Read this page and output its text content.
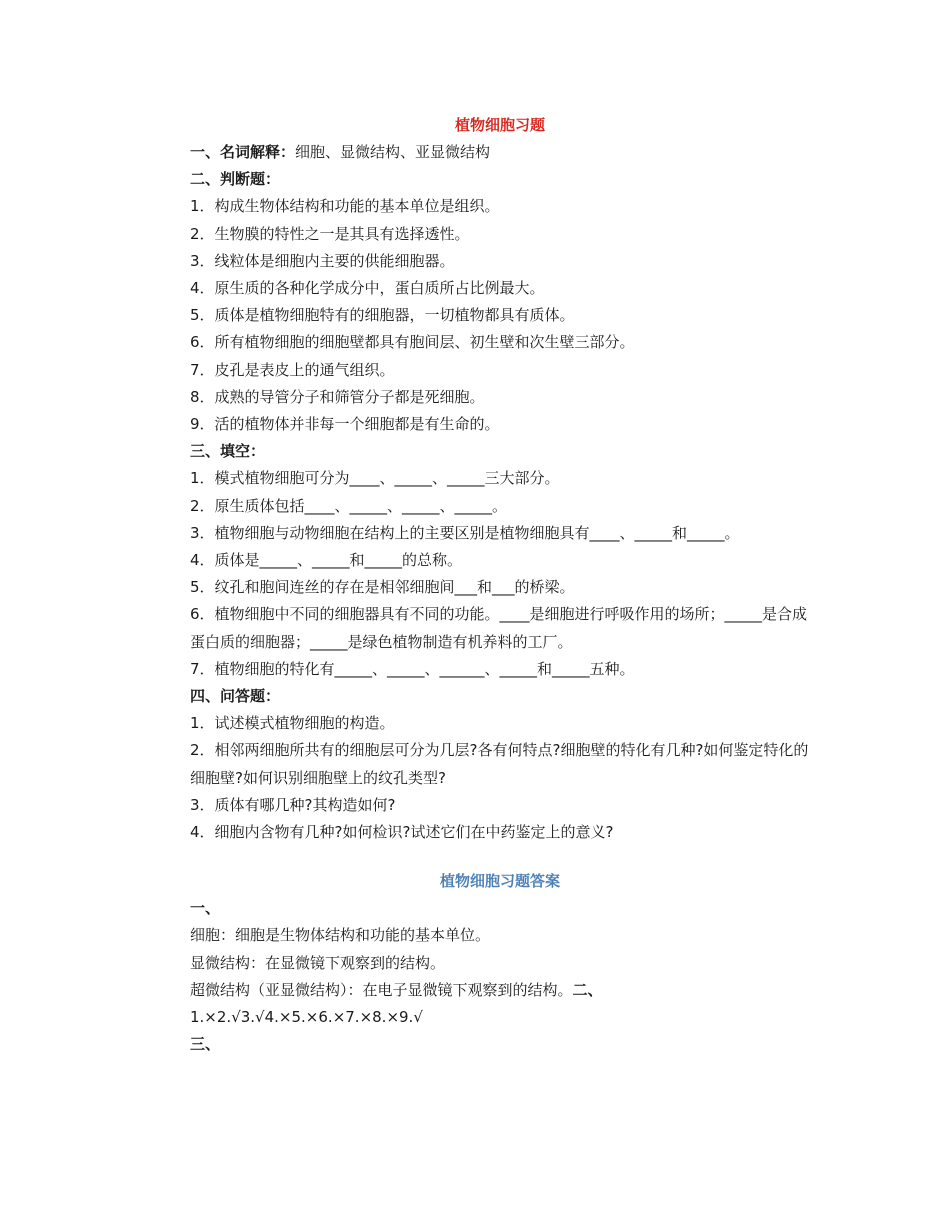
植物细胞习题
一、名词解释：细胞、显微结构、亚显微结构
二、判断题：
1．构成生物体结构和功能的基本单位是组织。
2．生物膜的特性之一是其具有选择透性。
3．线粒体是细胞内主要的供能细胞器。
4．原生质的各种化学成分中，蛋白质所占比例最大。
5．质体是植物细胞特有的细胞器，一切植物都具有质体。
6．所有植物细胞的细胞壁都具有胞间层、初生壁和次生壁三部分。
7．皮孔是表皮上的通气组织。
8．成熟的导管分子和筛管分子都是死细胞。
9．活的植物体并非每一个细胞都是有生命的。
三、填空：
1．模式植物细胞可分为____、_____、_____三大部分。
2．原生质体包括____、_____、_____、_____。
3．植物细胞与动物细胞在结构上的主要区别是植物细胞具有____、_____和_____。
4．质体是_____、_____和_____的总称。
5．纹孔和胞间连丝的存在是相邻细胞间___和___的桥梁。
6．植物细胞中不同的细胞器具有不同的功能。____是细胞进行呼吸作用的场所；_____是合成蛋白质的细胞器；_____是绿色植物制造有机养料的工厂。
7．植物细胞的特化有_____、_____、______、_____和_____五种。
四、问答题：
1．试述模式植物细胞的构造。
2．相邻两细胞所共有的细胞层可分为几层?各有何特点?细胞壁的特化有几种?如何鉴定特化的细胞壁?如何识别细胞壁上的纹孔类型?
3．质体有哪几种?其构造如何?
4．细胞内含物有几种?如何检识?试述它们在中药鉴定上的意义?
植物细胞习题答案
一、
细胞：细胞是生物体结构和功能的基本单位。
显微结构：在显微镜下观察到的结构。
超微结构（亚显微结构）：在电子显微镜下观察到的结构。二、1.×2.√3.√4.×5.×6.×7.×8.×9.√
三、
